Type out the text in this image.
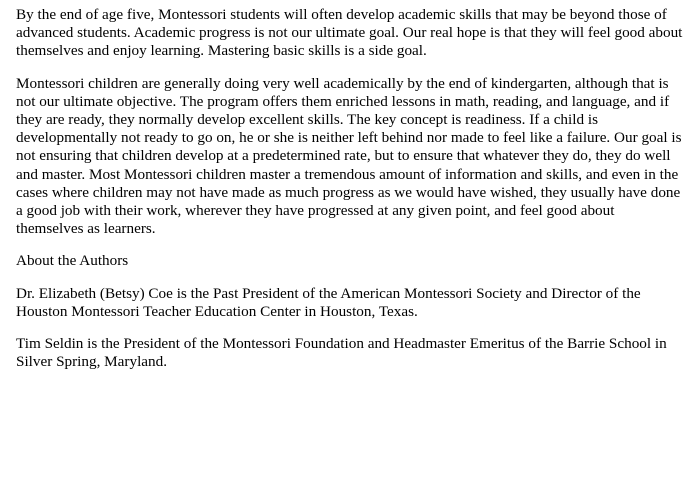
By the end of age five, Montessori students will often develop academic skills that may be beyond those of advanced students. Academic progress is not our ultimate goal. Our real hope is that they will feel good about themselves and enjoy learning. Mastering basic skills is a side goal.

Montessori children are generally doing very well academically by the end of kindergarten, although that is not our ultimate objective. The program offers them enriched lessons in math, reading, and language, and if they are ready, they normally develop excellent skills. The key concept is readiness. If a child is developmentally not ready to go on, he or she is neither left behind nor made to feel like a failure. Our goal is not ensuring that children develop at a predetermined rate, but to ensure that whatever they do, they do well and master. Most Montessori children master a tremendous amount of information and skills, and even in the cases where children may not have made as much progress as we would have wished, they usually have done a good job with their work, wherever they have progressed at any given point, and feel good about themselves as learners.

About the Authors

Dr. Elizabeth (Betsy) Coe is the Past President of the American Montessori Society and Director of the Houston Montessori Teacher Education Center in Houston, Texas.

Tim Seldin is the President of the Montessori Foundation and Headmaster Emeritus of the Barrie School in Silver Spring, Maryland.
